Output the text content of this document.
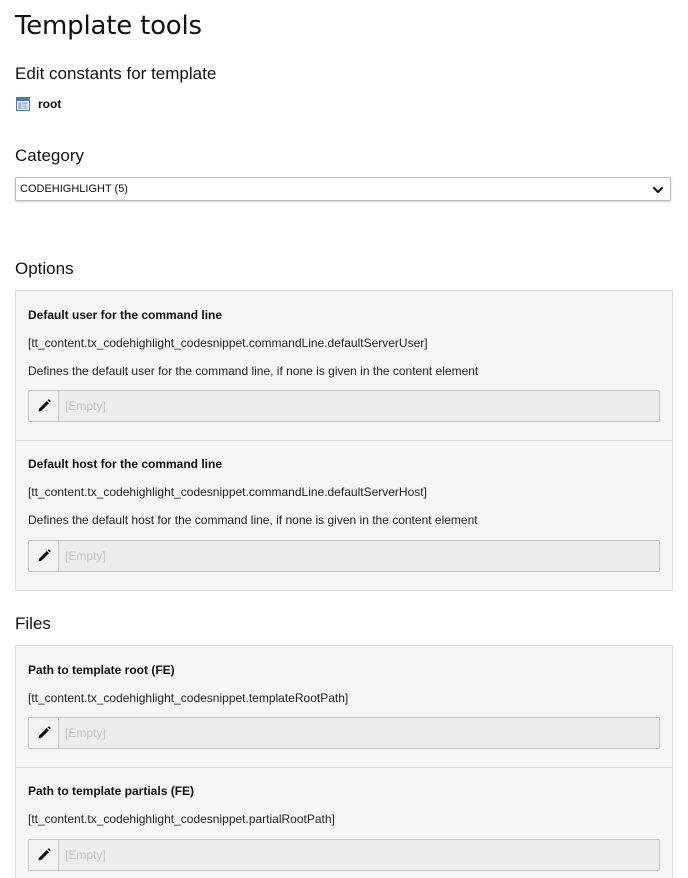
Template tools
Edit constants for template
root
Category
CODEHIGHLIGHT (5)
Options

Default user for the command line

[tt_content.tx_codehighlight_codesnippet.commandLine.defaultServerUser]

Defines the default user for the command line, if none is given in the content element

[Empty]

Default host for the command line

[tt_content.tx_codehighlight_codesnippet.commandLine.defaultServerHost]

Defines the default host for the command line, if none is given in the content element

[Empty]
Files

Path to template root (FE)

[tt_content.tx_codehighlight_codesnippet.templateRootPath]

[Empty]

Path to template partials (FE)

[tt_content.tx_codehighlight_codesnippet.partialRootPath]

[Empty]
